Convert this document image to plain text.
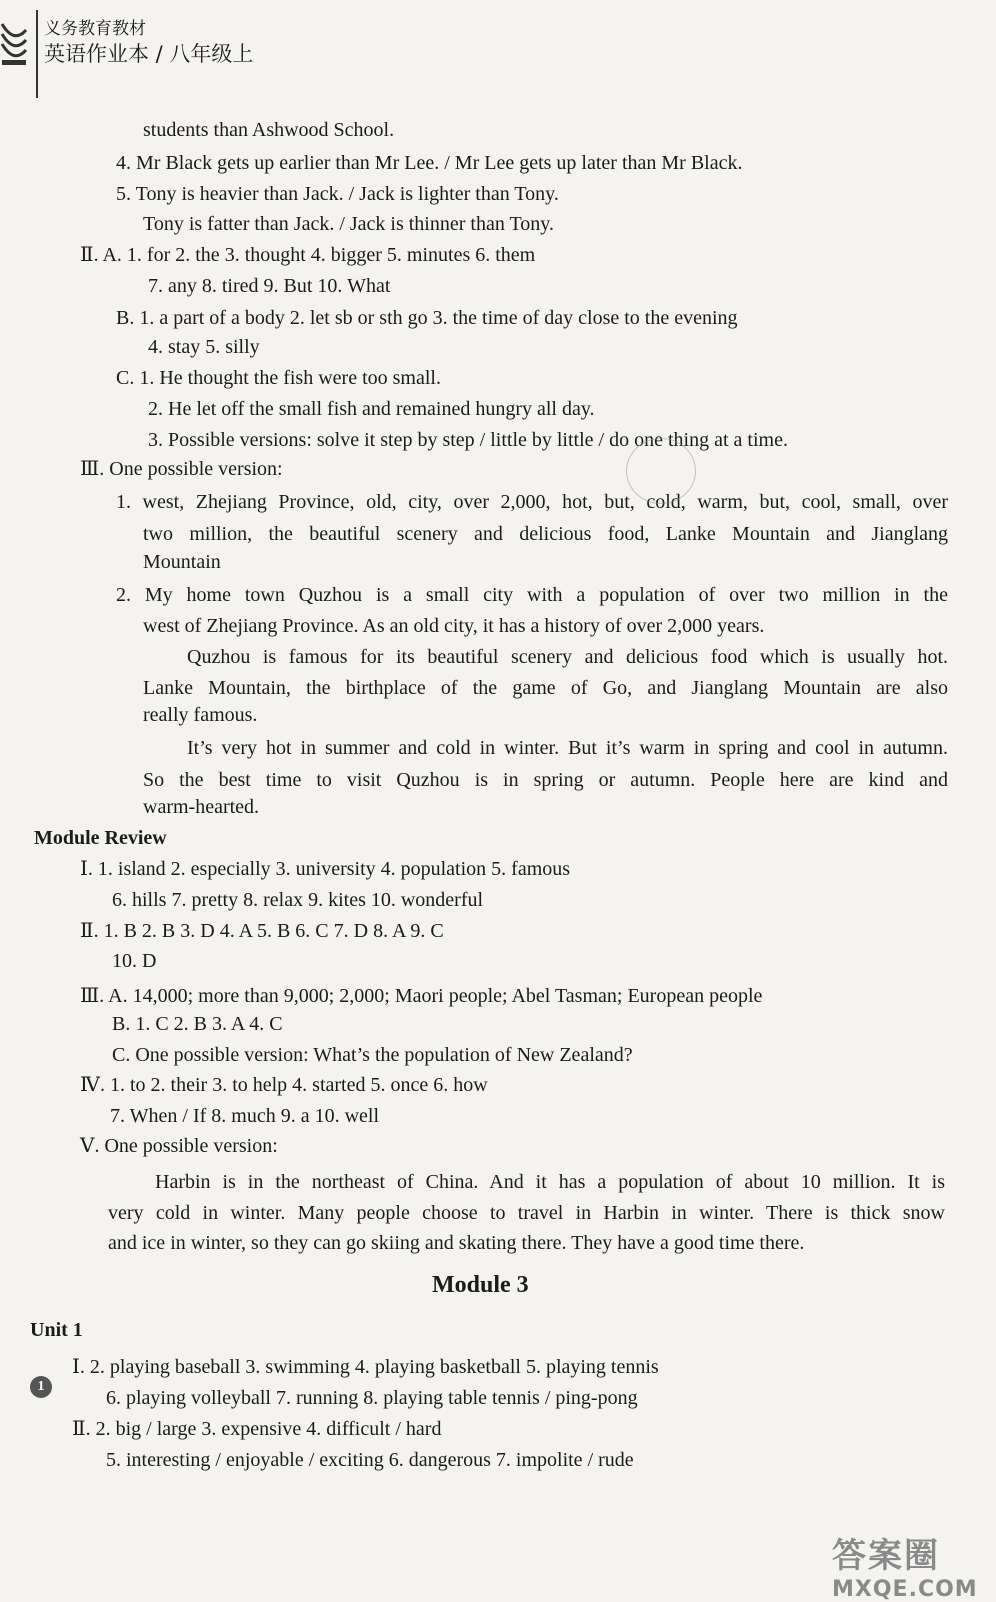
义务教育教材
英语作业本 / 八年级上
students than Ashwood School.
4. Mr Black gets up earlier than Mr Lee. / Mr Lee gets up later than Mr Black.
5. Tony is heavier than Jack. / Jack is lighter than Tony.
Tony is fatter than Jack. / Jack is thinner than Tony.
Ⅱ. A. 1. for 2. the 3. thought 4. bigger 5. minutes 6. them
7. any 8. tired 9. But 10. What
B. 1. a part of a body 2. let sb or sth go 3. the time of day close to the evening
4. stay 5. silly
C. 1. He thought the fish were too small.
2. He let off the small fish and remained hungry all day.
3. Possible versions: solve it step by step / little by little / do one thing at a time.
Ⅲ. One possible version:
1. west, Zhejiang Province, old, city, over 2,000, hot, but, cold, warm, but, cool, small, over
two million, the beautiful scenery and delicious food, Lanke Mountain and Jiangla​ng
Mountain
2. My home town Quzhou is a small city with a population of over two million in the
west of Zhejiang Province. As an old city, it has a history of over 2,000 years.
Quzhou is famous for its beautiful scenery and delicious food which is usually hot.
Lanke Mountain, the birthplace of the game of Go, and Jianglang Mountain are also
really famous.
It’s very hot in summer and cold in winter. But it’s warm in spring and cool in autumn.
So the best time to visit Quzhou is in spring or autumn. People here are kind and
warm-hearted.
Module Review
Ⅰ. 1. island 2. especially 3. university 4. population 5. famous
6. hills 7. pretty 8. relax 9. kites 10. wonderful
Ⅱ. 1. B 2. B 3. D 4. A 5. B 6. C 7. D 8. A 9. C
10. D
Ⅲ. A. 14,000; more than 9,000; 2,000; Maori people; Abel Tasman; European people
B. 1. C 2. B 3. A 4. C
C. One possible version: What’s the population of New Zealand?
Ⅳ. 1. to 2. their 3. to help 4. started 5. once 6. how
7. When / If 8. much 9. a 10. well
Ⅴ. One possible version:
Harbin is in the northeast of China. And it has a population of about 10 million. It is
very cold in winter. Many people choose to travel in Harbin in winter. There is thick snow
and ice in winter, so they can go skiing and skating there. They have a good time there.
Module 3
Unit 1
1
Ⅰ. 2. playing baseball 3. swimming 4. playing basketball 5. playing tennis
6. playing volleyball 7. running 8. playing table tennis / ping-pong
Ⅱ. 2. big / large 3. expensive 4. difficult / hard
5. interesting / enjoyable / exciting 6. dangerous 7. impolite / rude
答案圈
MXQE.COM
